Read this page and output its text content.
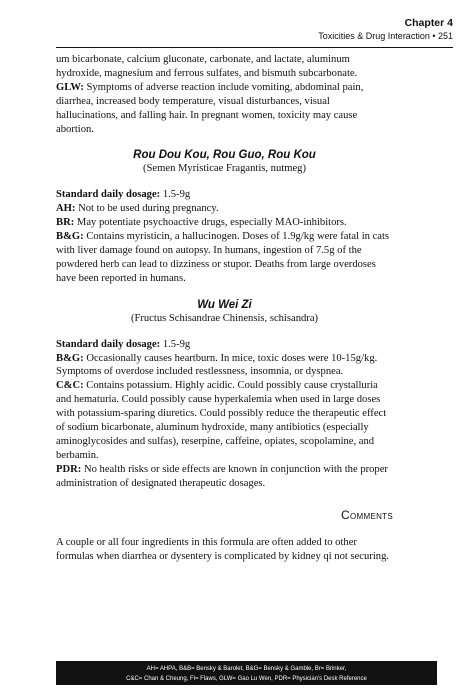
Chapter 4
Toxicities & Drug Interaction • 251

um bicarbonate, calcium gluconate, carbonate, and lactate, aluminum hydroxide, magnesium and ferrous sulfates, and bismuth subcarbonate.

GLW: Symptoms of adverse reaction include vomiting, abdominal pain, diarrhea, increased body temperature, visual disturbances, visual hallucinations, and falling hair. In pregnant women, toxicity may cause abortion.

Rou Dou Kou, Rou Guo, Rou Kou
(Semen Myristicae Fragantis, nutmeg)

Standard daily dosage: 1.5-9g

AH: Not to be used during pregnancy.

BR: May potentiate psychoactive drugs, especially MAO-inhibitors.

B&G: Contains myristicin, a hallucinogen. Doses of 1.9g/kg were fatal in cats with liver damage found on autopsy. In humans, ingestion of 7.5g of the powdered herb can lead to dizziness or stupor. Deaths from large overdoses have been reported in humans.

Wu Wei Zi
(Fructus Schisandrae Chinensis, schisandra)

Standard daily dosage: 1.5-9g

B&G: Occasionally causes heartburn. In mice, toxic doses were 10-15g/kg. Symptoms of overdose included restlessness, insomnia, or dyspnea.

C&C: Contains potassium. Highly acidic. Could possibly cause crystalluria and hematuria. Could possibly cause hyperkalemia when used in large doses with potassium-sparing diuretics. Could possibly reduce the therapeutic effect of sodium bicarbonate, aluminum hydroxide, many antibiotics (especially aminoglycosides and sulfas), reserpine, caffeine, opiates, scopolamine, and berbamin.

PDR: No health risks or side effects are known in conjunction with the proper administration of designated therapeutic dosages.

Comments

A couple or all four ingredients in this formula are often added to other formulas when diarrhea or dysentery is complicated by kidney qi not securing.

AH= AHPA, B&B= Bensky & Barolet, B&G= Bensky & Gamble, Br= Brinker,
C&C= Chan & Cheung, Fl= Flaws, GLW= Gao Lu Wen, PDR= Physician's Desk Reference
